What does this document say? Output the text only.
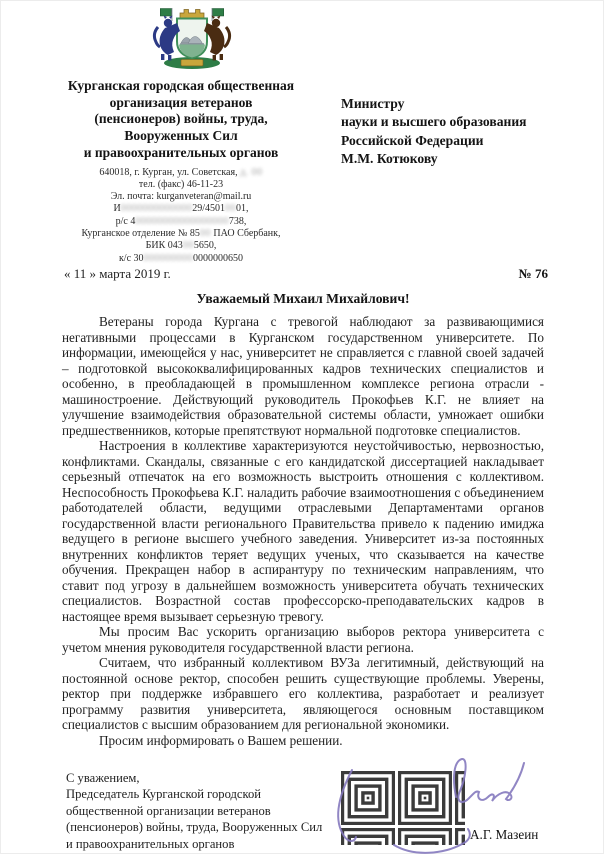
Курганская городская общественная
организация ветеранов
(пенсионеров) войны, труда,
Вооруженных Сил
и правоохранительных органов
640018, г. Курган, ул. Советская, д. 00
тел. (факс) 46-11-23
Эл. почта: kurganveteran@mail.ru
И000000000000029/45010001,
р/с 400000000000000000738,
Курганское отделение № 8500 ПАО Сбербанк,
БИК 043005650,
к/с 300000000000000000650
Министру
науки и высшего образования
Российской Федерации
М.М. Котюкову
« 11 » марта 2019 г.	№ 76
Уважаемый Михаил Михайлович!

Ветераны города Кургана с тревогой наблюдают за развивающимися негативными процессами в Курганском государственном университете. По информации, имеющейся у нас, университет не справляется с главной своей задачей – подготовкой высококвалифицированных кадров технических специалистов и особенно, в преобладающей в промышленном комплексе региона отрасли - машиностроение. Действующий руководитель Прокофьев К.Г. не влияет на улучшение взаимодействия образовательной системы области, умножает ошибки предшественников, которые препятствуют нормальной подготовке специалистов.

Настроения в коллективе характеризуются неустойчивостью, нервозностью, конфликтами. Скандалы, связанные с его кандидатской диссертацией накладывает серьезный отпечаток на его возможность выстроить отношения с коллективом. Неспособность Прокофьева К.Г. наладить рабочие взаимоотношения с объединением работодателей области, ведущими отраслевыми Департаментами органов государственной власти регионального Правительства привело к падению имиджа ведущего в регионе высшего учебного заведения. Университет из-за постоянных внутренних конфликтов теряет ведущих ученых, что сказывается на качестве обучения. Прекращен набор в аспирантуру по техническим направлениям, что ставит под угрозу в дальнейшем возможность университета обучать технических специалистов. Возрастной состав профессорско-преподавательских кадров в настоящее время вызывает серьезную тревогу.

Мы просим Вас ускорить организацию выборов ректора университета с учетом мнения руководителя государственной власти региона.

Считаем, что избранный коллективом ВУЗа легитимный, действующий на постоянной основе ректор, способен решить существующие проблемы. Уверены, ректор при поддержке избравшего его коллектива, разработает и реализует программу развития университета, являющегося основным поставщиком специалистов с высшим образованием для региональной экономики.

Просим информировать о Вашем решении.

С уважением,
Председатель Курганской городской
общественной организации ветеранов
(пенсионеров) войны, труда, Вооруженных Сил
и правоохранительных органов
А.Г. Мазеин
